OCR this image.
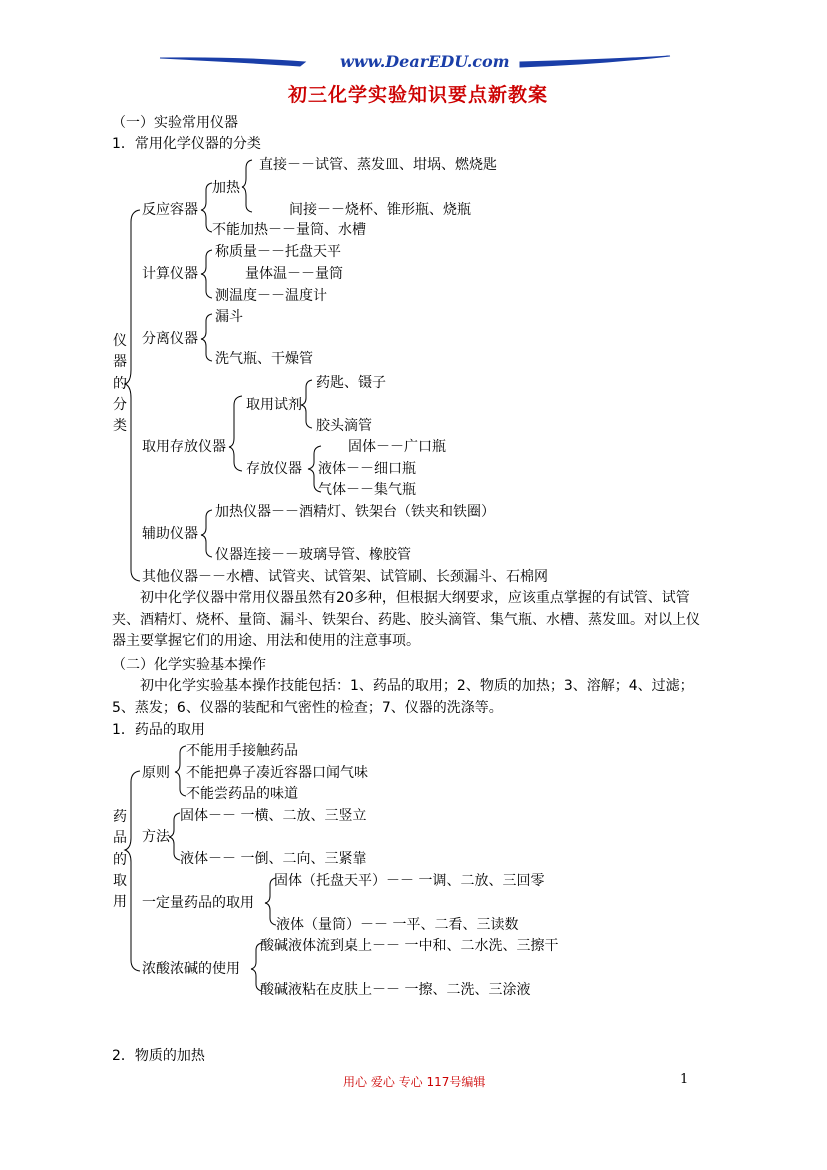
www.DearEDU.com
初三化学实验知识要点新教案
（一）实验常用仪器
1．常用化学仪器的分类
仪器的分类
反应容器
加热
直接－－试管、蒸发皿、坩埚、燃烧匙
间接－－烧杯、锥形瓶、烧瓶
不能加热－－量筒、水槽
计算仪器
称质量－－托盘天平
量体温－－量筒
测温度－－温度计
分离仪器
漏斗
洗气瓶、干燥管
取用存放仪器
取用试剂
药匙、镊子
胶头滴管
存放仪器
固体－－广口瓶
液体－－细口瓶
气体－－集气瓶
辅助仪器
加热仪器－－酒精灯、铁架台（铁夹和铁圈）
仪器连接－－玻璃导管、橡胶管
其他仪器－－水槽、试管夹、试管架、试管刷、长颈漏斗、石棉网
初中化学仪器中常用仪器虽然有20多种，但根据大纲要求，应该重点掌握的有试管、试管夹、酒精灯、烧杯、量筒、漏斗、铁架台、药匙、胶头滴管、集气瓶、水槽、蒸发皿。对以上仪器主要掌握它们的用途、用法和使用的注意事项。
（二）化学实验基本操作
初中化学实验基本操作技能包括：1、药品的取用；2、物质的加热；3、溶解；4、过滤；5、蒸发；6、仪器的装配和气密性的检查；7、仪器的洗涤等。
1．药品的取用
药品的取用
原则
不能用手接触药品
不能把鼻子凑近容器口闻气味
不能尝药品的味道
方法
固体－－ 一横、二放、三竖立
液体－－ 一倒、二向、三紧靠
一定量药品的取用
固体（托盘天平）－－ 一调、二放、三回零
液体（量筒）－－ 一平、二看、三读数
浓酸浓碱的使用
酸碱液体流到桌上－－ 一中和、二水洗、三擦干
酸碱液粘在皮肤上－－ 一擦、二洗、三涂液
2．物质的加热
用心 爱心 专心 117号编辑	1
